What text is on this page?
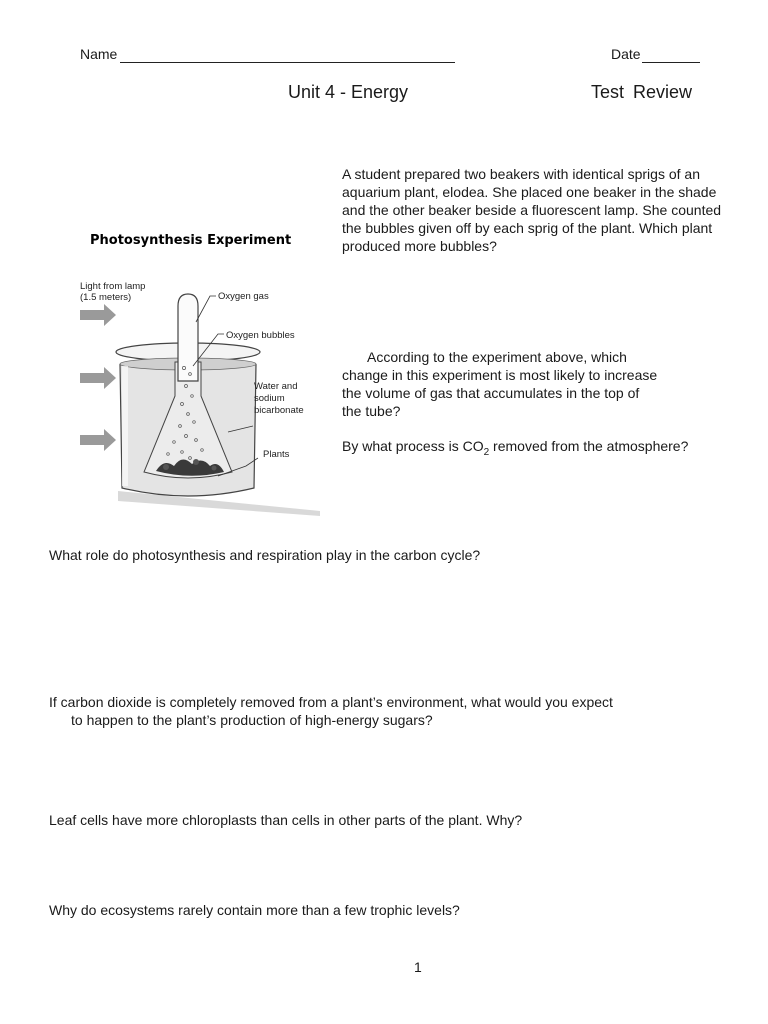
Name	Date
Unit 4 - Energy	Test Review
Photosynthesis Experiment
Light from lamp
(1.5 meters)	Oxygen gas
Oxygen bubbles
Water and
sodium
bicarbonate
Plants
A student prepared two beakers with identical sprigs of an aquarium plant, elodea. She placed one beaker in the shade and the other beaker beside a fluorescent lamp. She counted the bubbles given off by each sprig of the plant. Which plant produced more bubbles?
According to the experiment above, which change in this experiment is most likely to increase the volume of gas that accumulates in the top of the tube?
By what process is $CO_2$ removed from the atmosphere?
What role do photosynthesis and respiration play in the carbon cycle?
If carbon dioxide is completely removed from a plant’s environment, what would you expect
to happen to the plant’s production of high-energy sugars?
Leaf cells have more chloroplasts than cells in other parts of the plant. Why?
Why do ecosystems rarely contain more than a few trophic levels?
1
